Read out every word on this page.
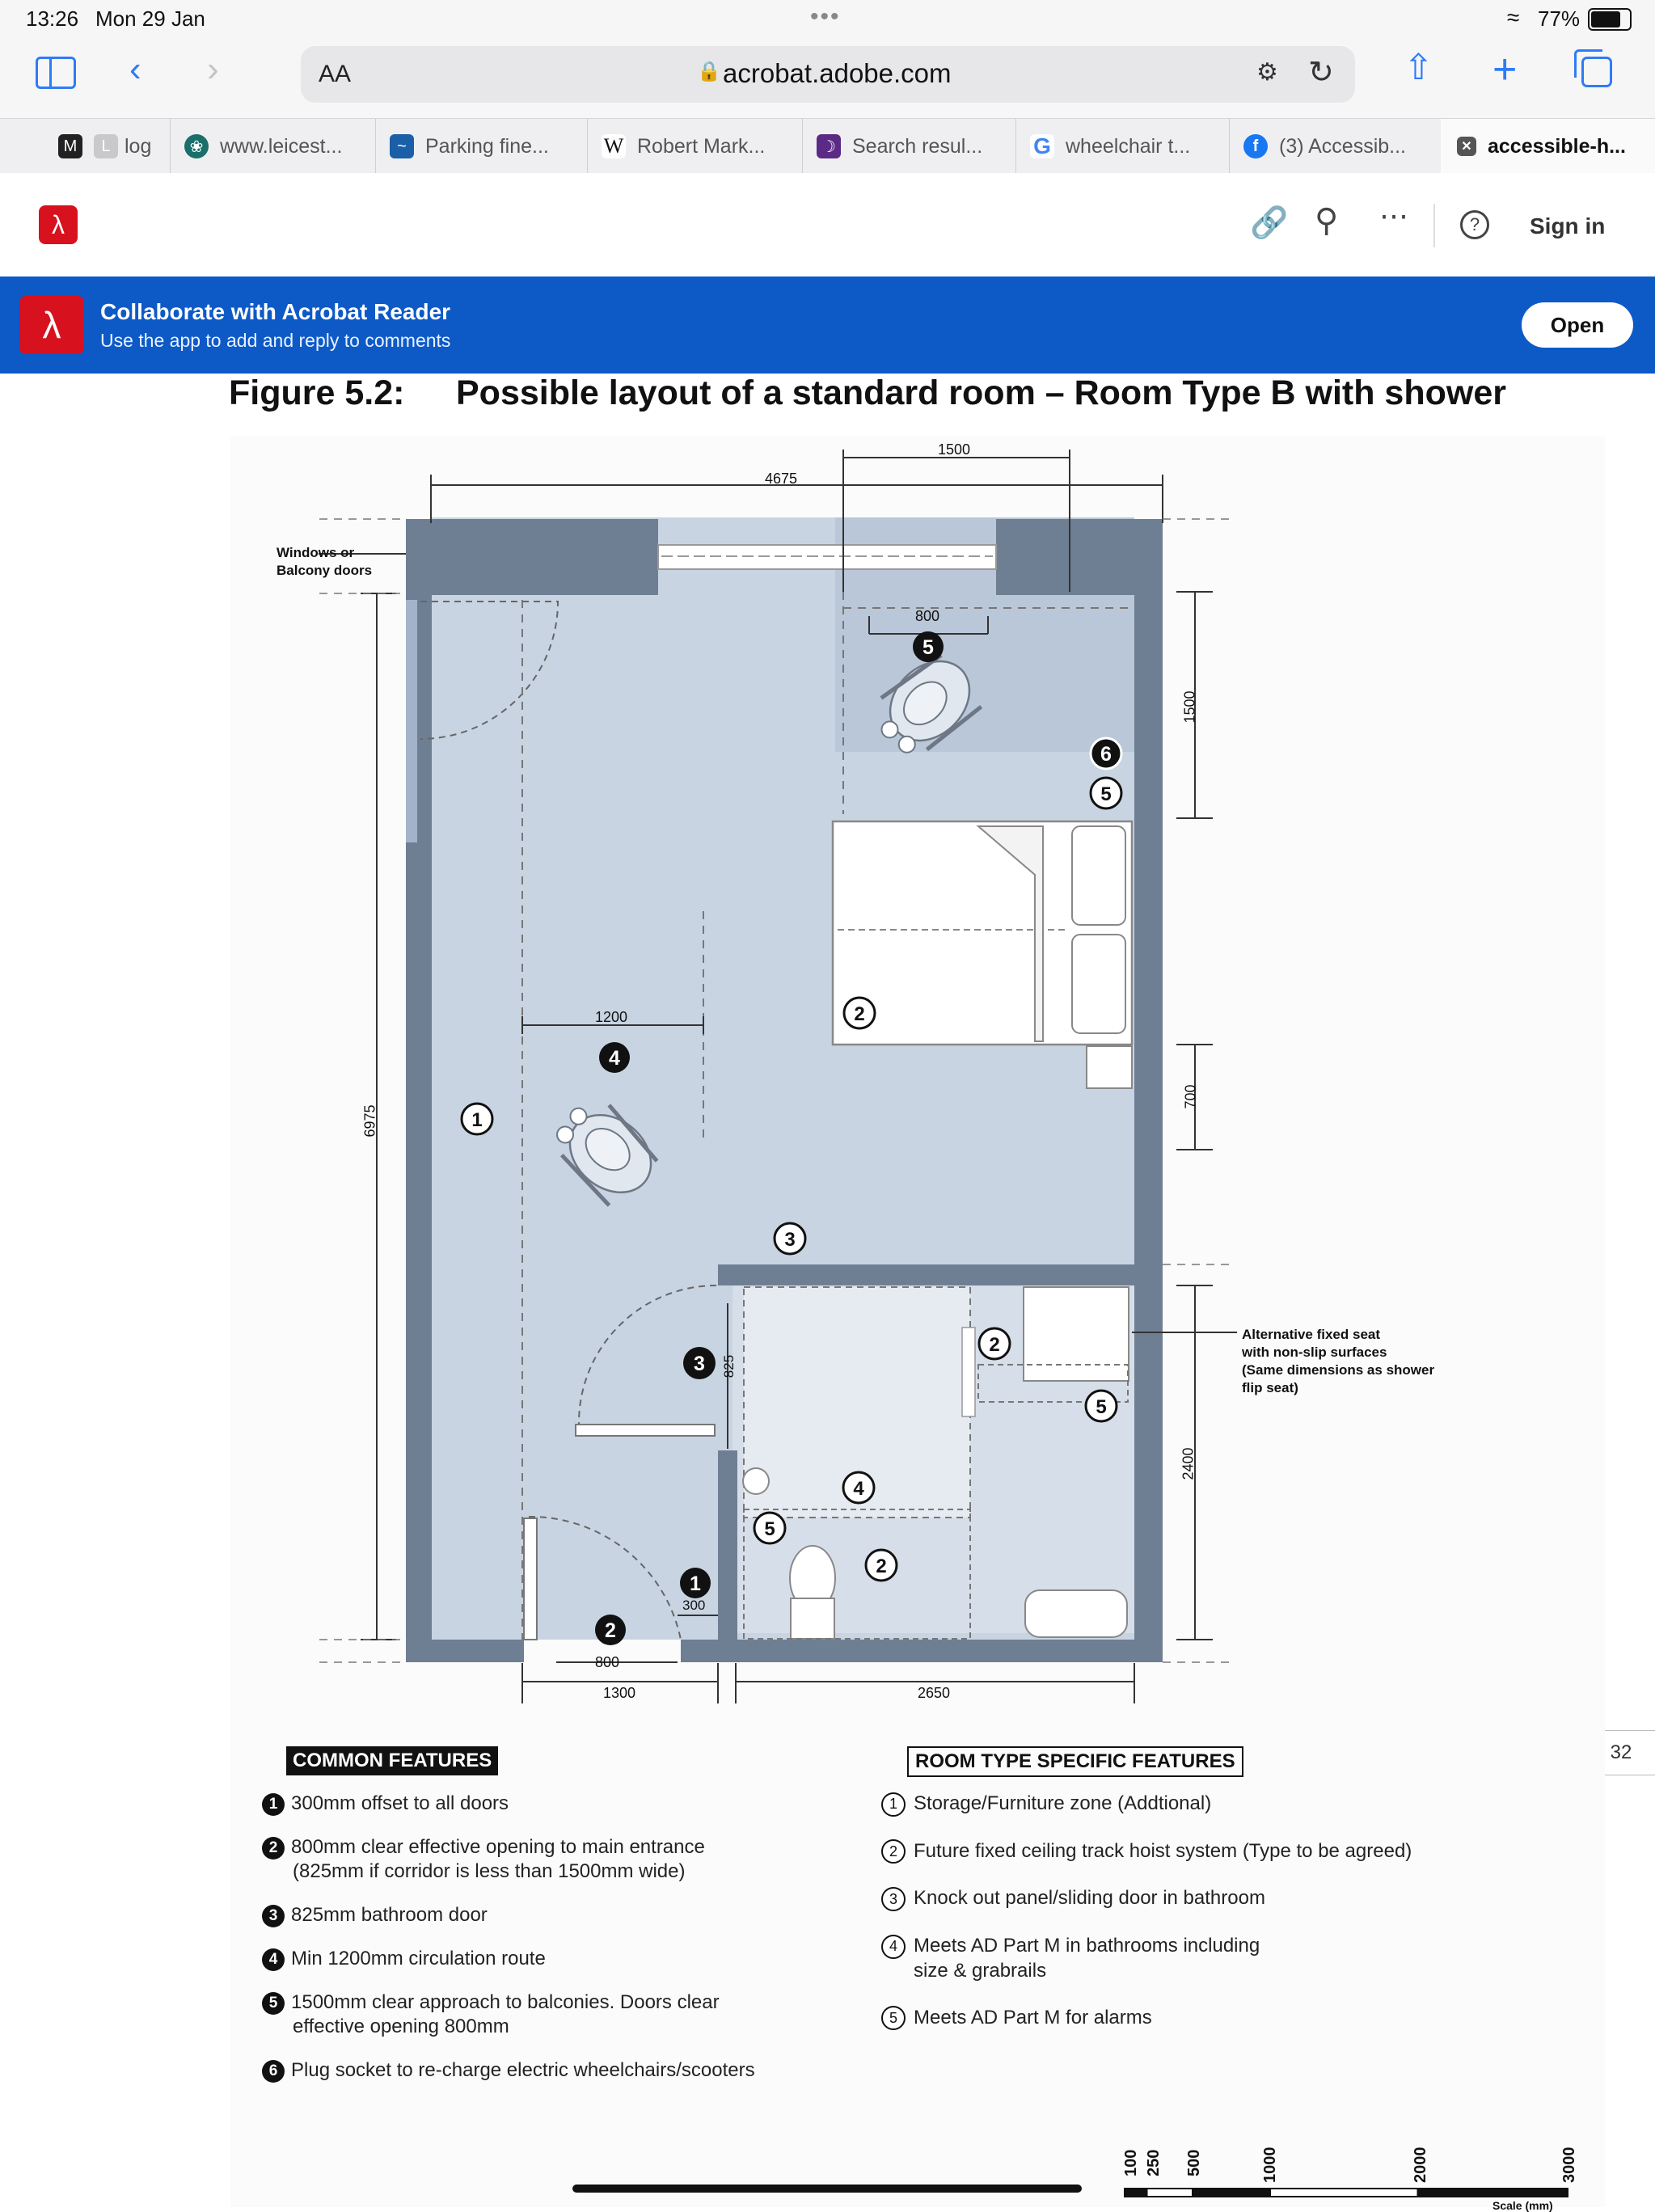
13:26 Mon 29 Jan	•••	≈ 77%
‹ ›	⇧ +
AA	🔒 acrobat.adobe.com	⚙ ↻
M	L log	❀ www.leicest...	~ Parking fine...	W Robert Mark...	☽ Search resul... G wheelchair t...	f	(3) Accessib...	✕ accessible-h...
λ	🔗 ⚲ ⋯	?	Sign in
λ	Collaborate with Acrobat Reader
Use the app to add and reply to comments
Open
Figure 5.2: Possible layout of a standard room – Room Type B with shower
32
5
6
5
2
4
1
3
3
2
5
4
5
2
1
2
4675
1500
800
1500
1200
6975
700
825
2400
300
800
1300	2650
Windows or
Balcony doors
Alternative fixed seat
with non-slip surfaces
(Same dimensions as shower
flip seat)
COMMON FEATURES
1 300mm offset to all doors
2 800mm clear effective opening to main entrance
(825mm if corridor is less than 1500mm wide)
3 825mm bathroom door
4 Min 1200mm circulation route
5 1500mm clear approach to balconies. Doors clear
effective opening 800mm
6 Plug socket to re-charge electric wheelchairs/scooters
ROOM TYPE SPECIFIC FEATURES
1 Storage/Furniture zone (Addtional)
2 Future fixed ceiling track hoist system (Type to be agreed)
3 Knock out panel/sliding door in bathroom
4 Meets AD Part M in bathrooms including
size & grabrails
5 Meets AD Part M for alarms
100 250 500	1000	2000	3000
Scale (mm)
